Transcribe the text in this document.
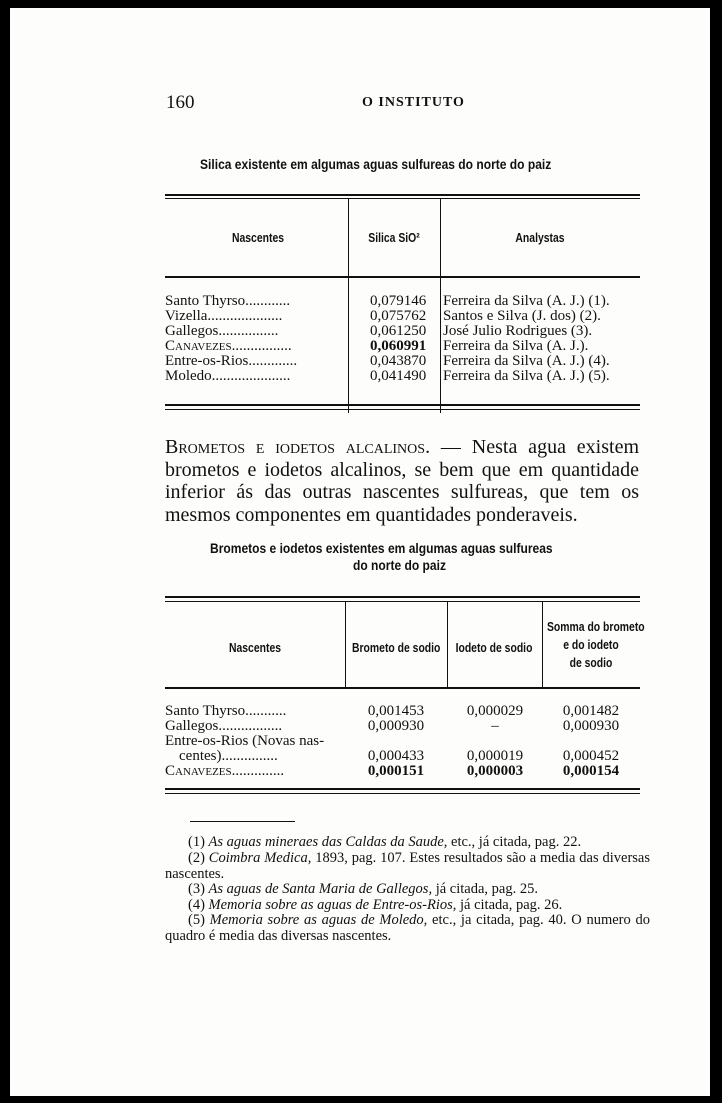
160	O INSTITUTO
Silica existente em algumas aguas sulfureas do norte do paiz
Nascentes	Silica SiO²	Analystas
Santo Thyrso............	0,079146 Ferreira da Silva (A. J.) (1).
Vizella....................	0,075762 Santos e Silva (J. dos) (2).
Gallegos................	0,061250 José Julio Rodrigues (3).
Canavezes................	0,060991 Ferreira da Silva (A. J.).
Entre-os-Rios.............	0,043870 Ferreira da Silva (A. J.) (4).
Moledo.....................	0,041490 Ferreira da Silva (A. J.) (5).
Brometos e iodetos alcalinos. — Nesta agua existem brometos e iodetos alcalinos, se bem que em quantidade inferior ás das outras nascentes sulfureas, que tem os mesmos componentes em quantidades ponderaveis.
Brometos e iodetos existentes em algumas aguas sulfureas
do norte do paiz
Nascentes	Brometo de sodio	Iodeto de sodio
Somma do brometo
e do iodeto
de sodio
Santo Thyrso...........	0,001453	0,000029	0,001482
Gallegos.................	0,000930	–	0,000930
Entre-os-Rios (Novas nas-
centes)...............	0,000433	0,000019	0,000452
Canavezes..............	0,000151	0,000003	0,000154
(1) As aguas mineraes das Caldas da Saude, etc., já citada, pag. 22.
(2) Coimbra Medica, 1893, pag. 107. Estes resultados são a media das diversas nascentes.
(3) As aguas de Santa Maria de Gallegos, já citada, pag. 25.
(4) Memoria sobre as aguas de Entre-os-Rios, já citada, pag. 26.
(5) Memoria sobre as aguas de Moledo, etc., ja citada, pag. 40. O numero do quadro é media das diversas nascentes.
